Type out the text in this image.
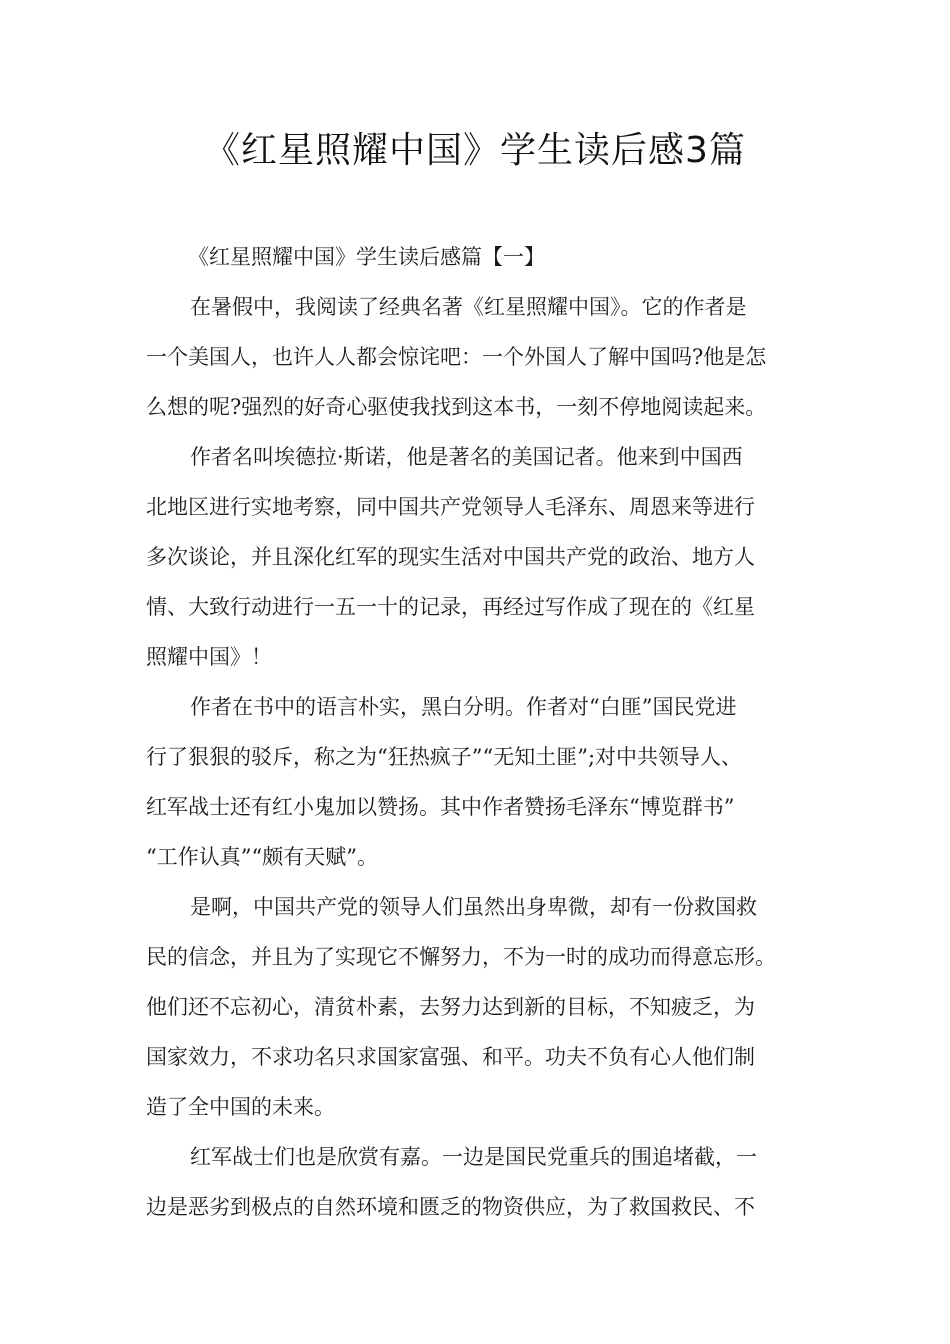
《红星照耀中国》学生读后感3篇
《红星照耀中国》学生读后感篇【一】

在暑假中，我阅读了经典名著《红星照耀中国》。它的作者是
一个美国人，也许人人都会惊诧吧：一个外国人了解中国吗?他是怎
么想的呢?强烈的好奇心驱使我找到这本书，一刻不停地阅读起来。

作者名叫埃德拉·斯诺，他是著名的美国记者。他来到中国西
北地区进行实地考察，同中国共产党领导人毛泽东、周恩来等进行
多次谈论，并且深化红军的现实生活对中国共产党的政治、地方人
情、大致行动进行一五一十的记录，再经过写作成了现在的《红星
照耀中国》！

作者在书中的语言朴实，黑白分明。作者对“白匪”国民党进
行了狠狠的驳斥，称之为“狂热疯子”“无知土匪”;对中共领导人、
红军战士还有红小鬼加以赞扬。其中作者赞扬毛泽东“博览群书”
“工作认真”“颇有天赋”。

是啊，中国共产党的领导人们虽然出身卑微，却有一份救国救
民的信念，并且为了实现它不懈努力，不为一时的成功而得意忘形。
他们还不忘初心，清贫朴素，去努力达到新的目标，不知疲乏，为
国家效力，不求功名只求国家富强、和平。功夫不负有心人他们制
造了全中国的未来。

红军战士们也是欣赏有嘉。一边是国民党重兵的围追堵截，一
边是恶劣到极点的自然环境和匮乏的物资供应，为了救国救民、不
